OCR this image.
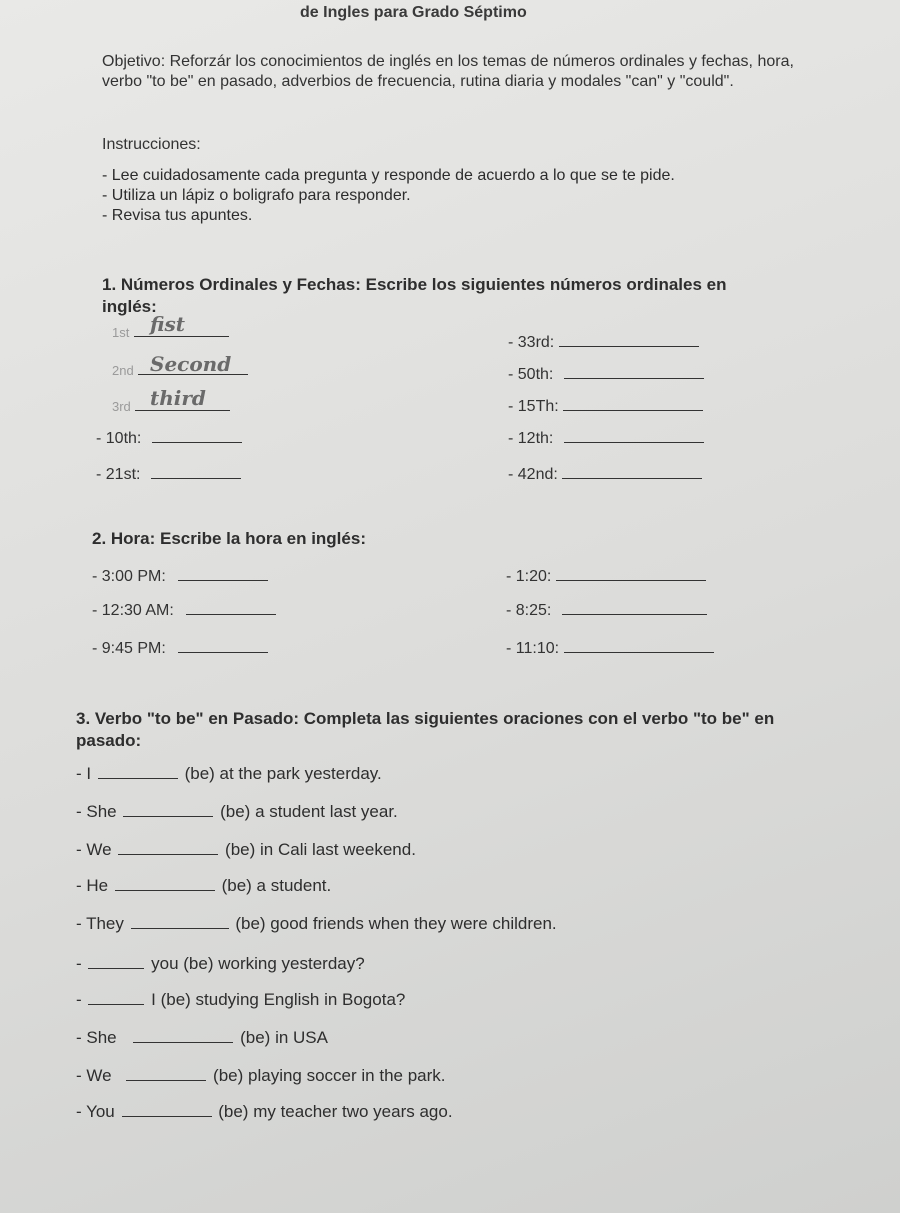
de Ingles para Grado Séptimo
Objetivo: Reforzár los conocimientos de inglés en los temas de números ordinales y fechas, hora, verbo "to be" en pasado, adverbios de frecuencia, rutina diaria y modales "can" y "could".
Instrucciones:
- Lee cuidadosamente cada pregunta y responde de acuerdo a lo que se te pide.
- Utiliza un lápiz o boligrafo para responder.
- Revisa tus apuntes.
1. Números Ordinales y Fechas: Escribe los siguientes números ordinales en inglés:
1st	fist
2nd Second
3rd third
- 10th:
- 21st:
- 33rd:
- 50th:
- 15Th:
- 12th:
- 42nd:
2. Hora: Escribe la hora en inglés:
- 3:00 PM:
- 12:30 AM:
- 9:45 PM:
- 1:20:
- 8:25:
- 11:10:
3. Verbo "to be" en Pasado: Completa las siguientes oraciones con el verbo "to be" en pasado:
- I	(be) at the park yesterday.
- She	(be) a student last year.
- We	(be) in Cali last weekend.
- He	(be) a student.
- They	(be) good friends when they were children.
-	you (be) working yesterday?
-	I (be) studying English in Bogota?
- She	(be) in USA
- We	(be) playing soccer in the park.
- You	(be) my teacher two years ago.
